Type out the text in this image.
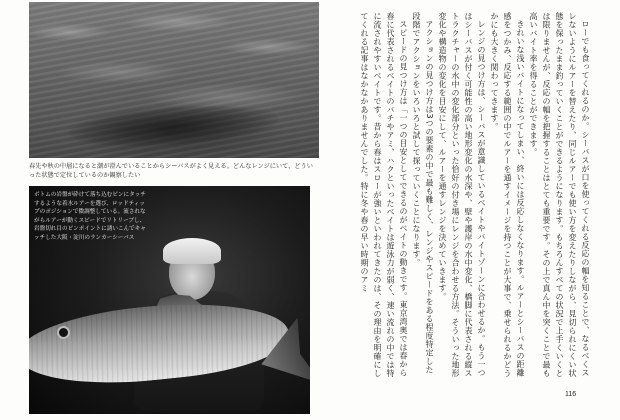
春先や秋の中層になると潮が澄んでいることからシーバスがよく見える。どんなレンジにいて、どういった状態で定位しているのか観察したい
ボトムの岩盤が砕けて落ち込むピンにタッチするような着水ルアーを選び、ロッドティップのポジションで微調整している。流されながらルアーが動くスピードでリトリーブし、岩盤切れ目のピンポイントに誘いこんでキャッチした大阪・淀川のランカーシーバス	ローでも食ってくれるのか。シーバスが口を使ってくれる反応の幅を知ることで、なるべくスレないようにルアーを替えたり、同じルアーでも使い方を変えたりしながら、見切られにくい状態を保ったまま釣っていくことができるようになります。もちろんすべての状況で上手くいくとは限りませんが、反応の幅を把握することはとても重要です。その上で真ん中を突くことで最も高いバイト率を得ることができます。

きれいな浅いバイトになってしまい、終いには反応しなくなります。ルアーとシーバスの距離感をつかみ、反応する範囲の中でルアーを通すイメージを持つことが大事で、乗せられるかどうかにも大きく関わってきます。

レンジの見つけ方は、シーバスが意識しているベイトやバイトゾーンに合わせるか。もう一つはシーバスが付く可能性の高い地形変化の水深や、壁や護岸の水中変化、橋脚に代表される縦ストラクチャーの水中の変化部分といった恰好の付き場にレンジを合わせる方法。そういった地形変化や構造物の変化を目安にして、ルアーを通すレンジを決めていきます。

アクションの見つけ方は3つの要素の中で最も難しく、レンジやスピードをある程度特定した段階でアクションをいろいろと試して探っていくことになります。

スピードの見つけ方は「一つの目安としてできるのがベイトの動きです。東京湾奥では春から春に代表されるベイトのバチやアミ、ハクといったベイトは遊泳力が弱く、速い流れの中では特に流されやすいベイトです。昔から春はスローが強いといわれてきたのは、その理由を明確にしてくれる記事はなかなかありませんでした。特に冬や春の早い時期のアミ

116
